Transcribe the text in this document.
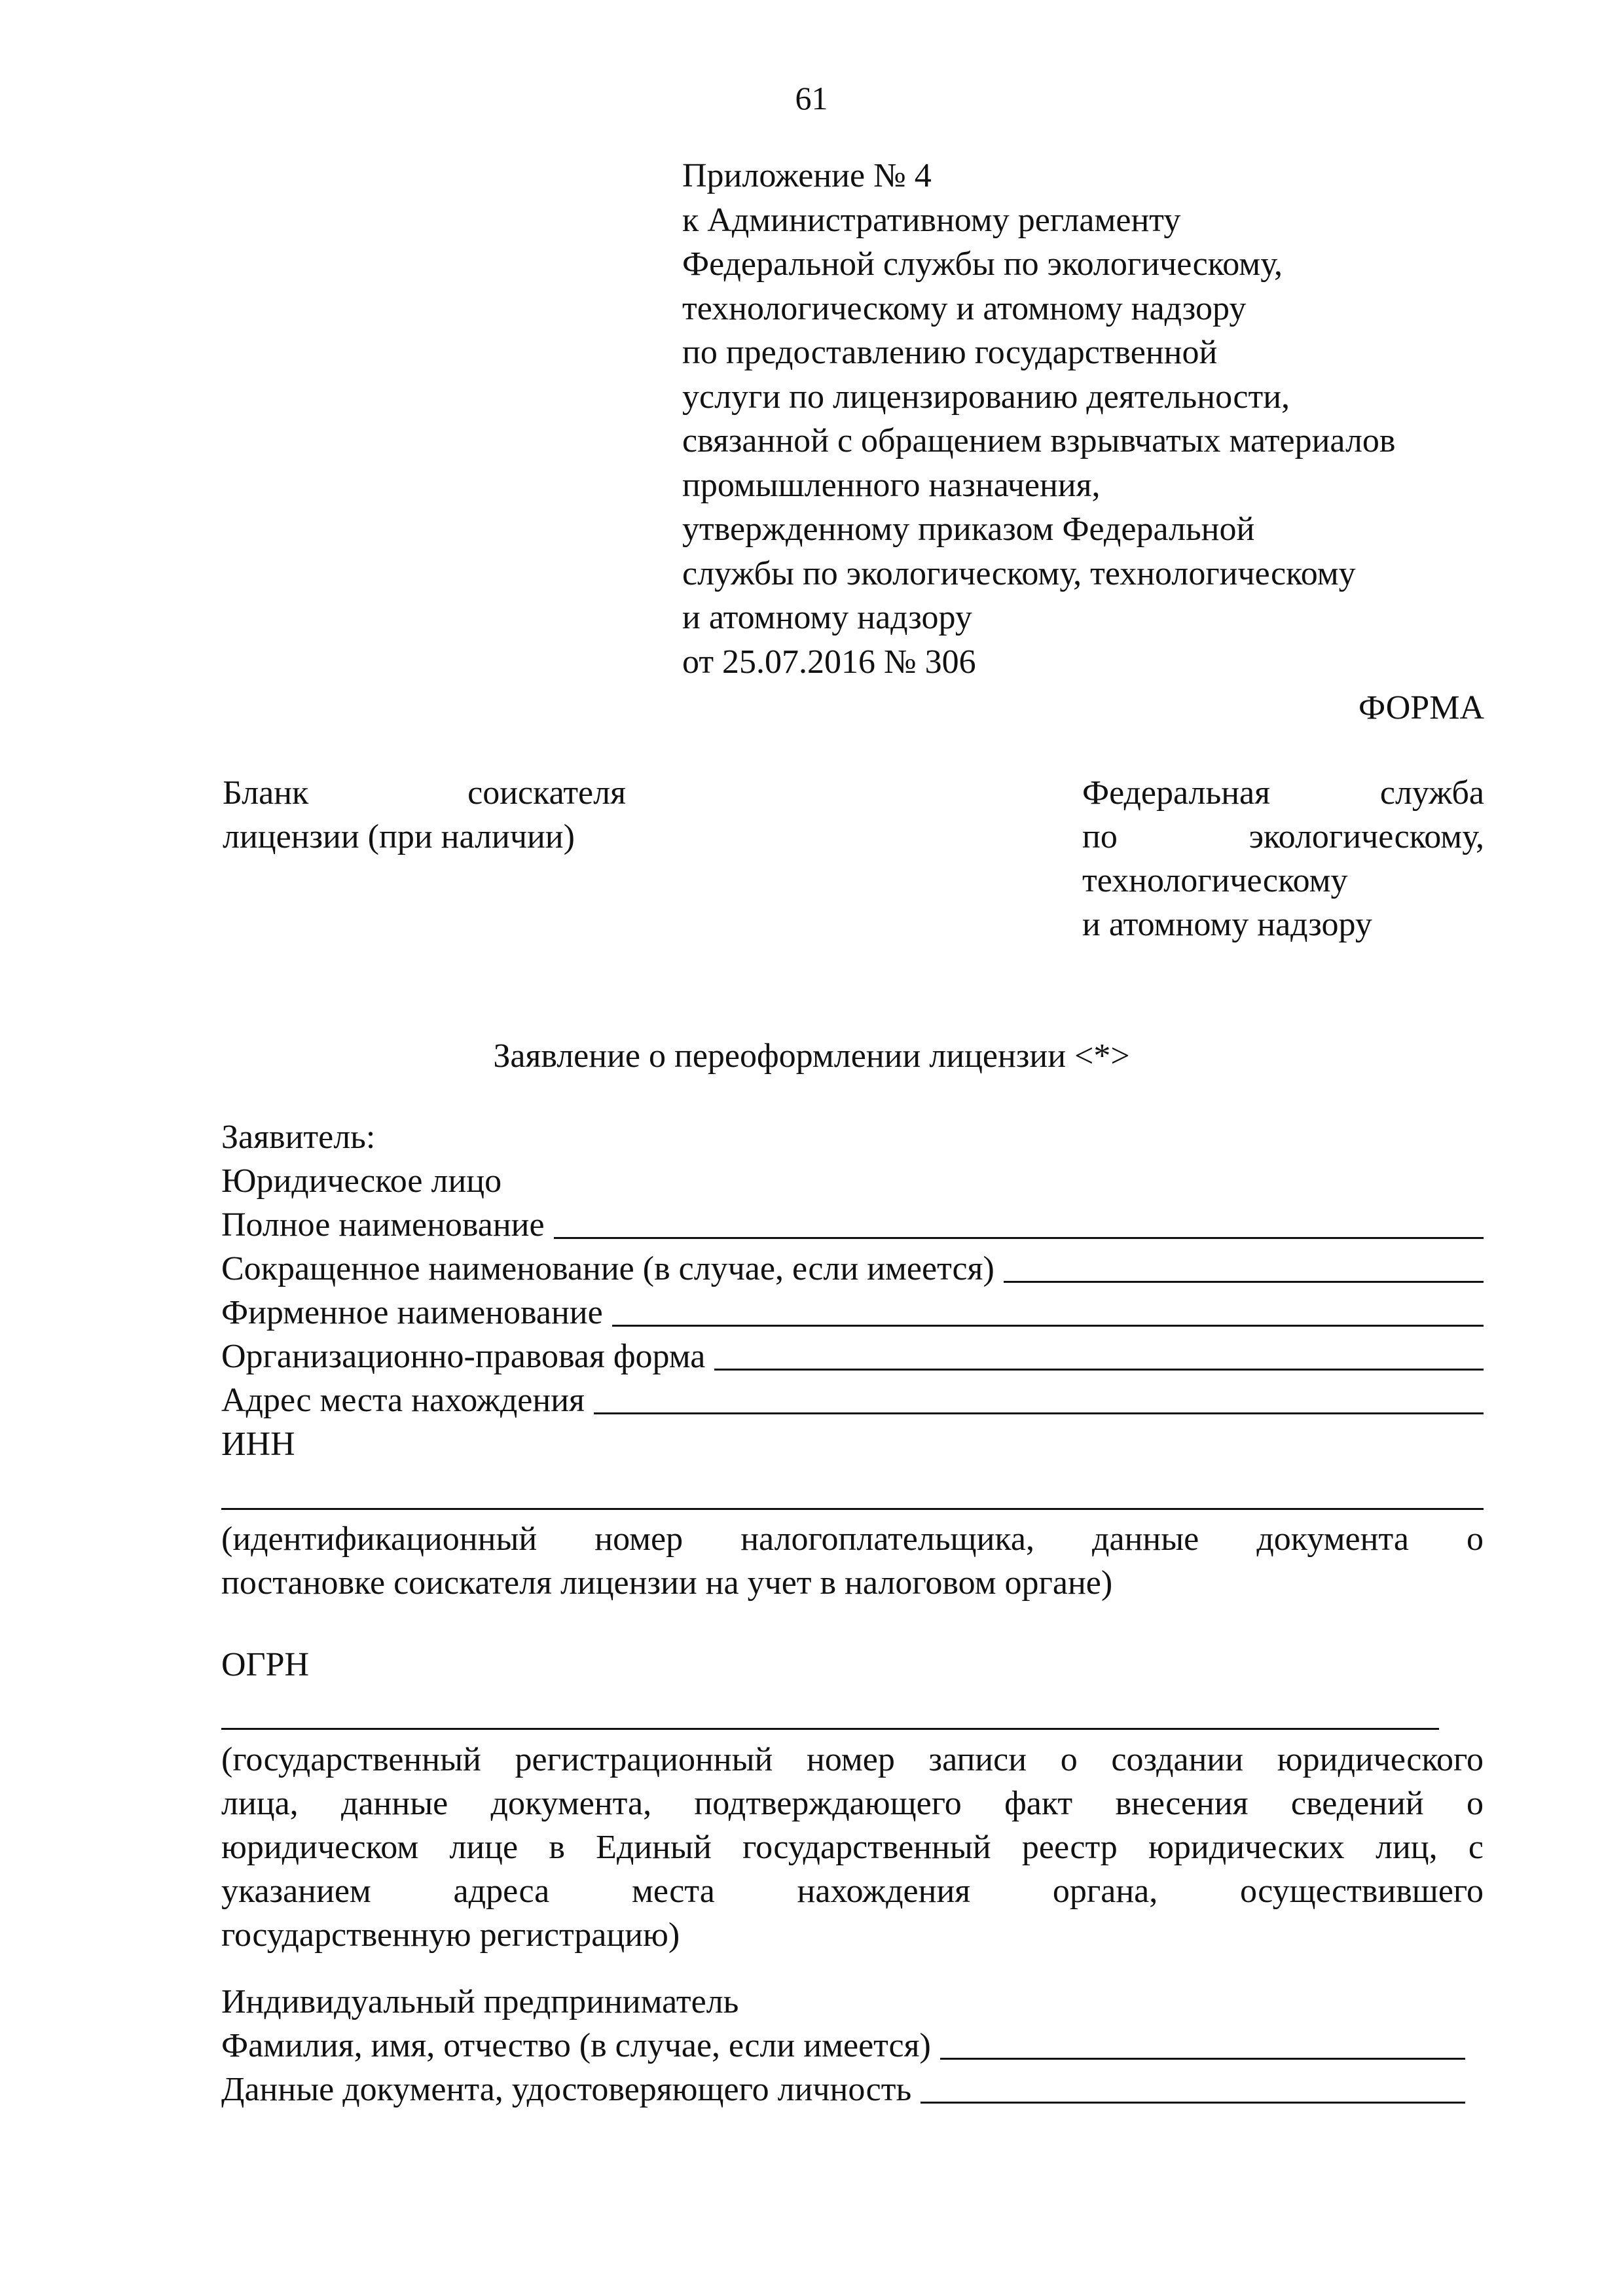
61
Приложение № 4
к Административному регламенту
Федеральной службы по экологическому,
технологическому и атомному надзору
по предоставлению государственной
услуги по лицензированию деятельности,
связанной с обращением взрывчатых материалов
промышленного назначения,
утвержденному приказом Федеральной
службы по экологическому, технологическому
и атомному надзору
от 25.07.2016 № 306
ФОРМА
Бланк	соискателя
лицензии (при наличии)
Федеральная	служба
по	экологическому,
технологическому
и атомному надзору
Заявление о переоформлении лицензии <*>
Заявитель:
Юридическое лицо
Полное наименование
Сокращенное наименование (в случае, если имеется)
Фирменное наименование
Организационно-правовая форма
Адрес места нахождения
ИНН
(идентификационный номер налогоплательщика, данные документа о
постановке соискателя лицензии на учет в налоговом органе)
ОГРН
(государственный регистрационный номер записи о создании юридического
лица, данные документа, подтверждающего факт внесения сведений о
юридическом лице в Единый государственный реестр юридических лиц, с
указанием адреса места нахождения органа, осуществившего
государственную регистрацию)
Индивидуальный предприниматель
Фамилия, имя, отчество (в случае, если имеется)
Данные документа, удостоверяющего личность
